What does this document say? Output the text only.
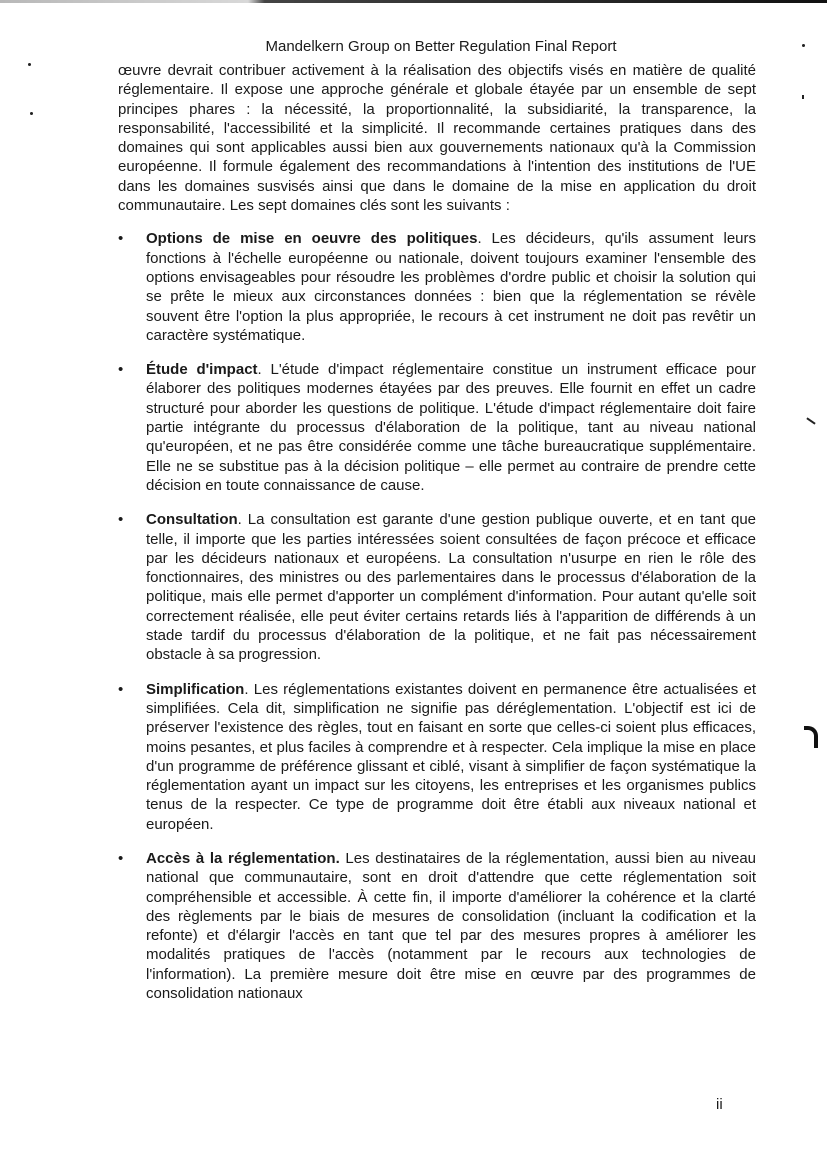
Mandelkern Group on Better Regulation Final Report

œuvre devrait contribuer activement à la réalisation des objectifs visés en matière de qualité réglementaire. Il expose une approche générale et globale étayée par un ensemble de sept principes phares : la nécessité, la proportionnalité, la subsidiarité, la transparence, la responsabilité, l'accessibilité et la simplicité. Il recommande certaines pratiques dans des domaines qui sont applicables aussi bien aux gouvernements nationaux qu'à la Commission européenne. Il formule également des recommandations à l'intention des institutions de l'UE dans les domaines susvisés ainsi que dans le domaine de la mise en application du droit communautaire. Les sept domaines clés sont les suivants :

• Options de mise en oeuvre des politiques. Les décideurs, qu'ils assument leurs fonctions à l'échelle européenne ou nationale, doivent toujours examiner l'ensemble des options envisageables pour résoudre les problèmes d'ordre public et choisir la solution qui se prête le mieux aux circonstances données : bien que la réglementation se révèle souvent être l'option la plus appropriée, le recours à cet instrument ne doit pas revêtir un caractère systématique.
• Étude d'impact. L'étude d'impact réglementaire constitue un instrument efficace pour élaborer des politiques modernes étayées par des preuves. Elle fournit en effet un cadre structuré pour aborder les questions de politique. L'étude d'impact réglementaire doit faire partie intégrante du processus d'élaboration de la politique, tant au niveau national qu'européen, et ne pas être considérée comme une tâche bureaucratique supplémentaire. Elle ne se substitue pas à la décision politique – elle permet au contraire de prendre cette décision en toute connaissance de cause.
• Consultation. La consultation est garante d'une gestion publique ouverte, et en tant que telle, il importe que les parties intéressées soient consultées de façon précoce et efficace par les décideurs nationaux et européens. La consultation n'usurpe en rien le rôle des fonctionnaires, des ministres ou des parlementaires dans le processus d'élaboration de la politique, mais elle permet d'apporter un complément d'information. Pour autant qu'elle soit correctement réalisée, elle peut éviter certains retards liés à l'apparition de différends à un stade tardif du processus d'élaboration de la politique, et ne fait pas nécessairement obstacle à sa progression.
• Simplification. Les réglementations existantes doivent en permanence être actualisées et simplifiées. Cela dit, simplification ne signifie pas déréglementation. L'objectif est ici de préserver l'existence des règles, tout en faisant en sorte que celles-ci soient plus efficaces, moins pesantes, et plus faciles à comprendre et à respecter. Cela implique la mise en place d'un programme de préférence glissant et ciblé, visant à simplifier de façon systématique la réglementation ayant un impact sur les citoyens, les entreprises et les organismes publics tenus de la respecter. Ce type de programme doit être établi aux niveaux national et européen.
• Accès à la réglementation. Les destinataires de la réglementation, aussi bien au niveau national que communautaire, sont en droit d'attendre que cette réglementation soit compréhensible et accessible. À cette fin, il importe d'améliorer la cohérence et la clarté des règlements par le biais de mesures de consolidation (incluant la codification et la refonte) et d'élargir l'accès en tant que tel par des mesures propres à améliorer les modalités pratiques de l'accès (notamment par le recours aux technologies de l'information). La première mesure doit être mise en œuvre par des programmes de consolidation nationaux
ii
